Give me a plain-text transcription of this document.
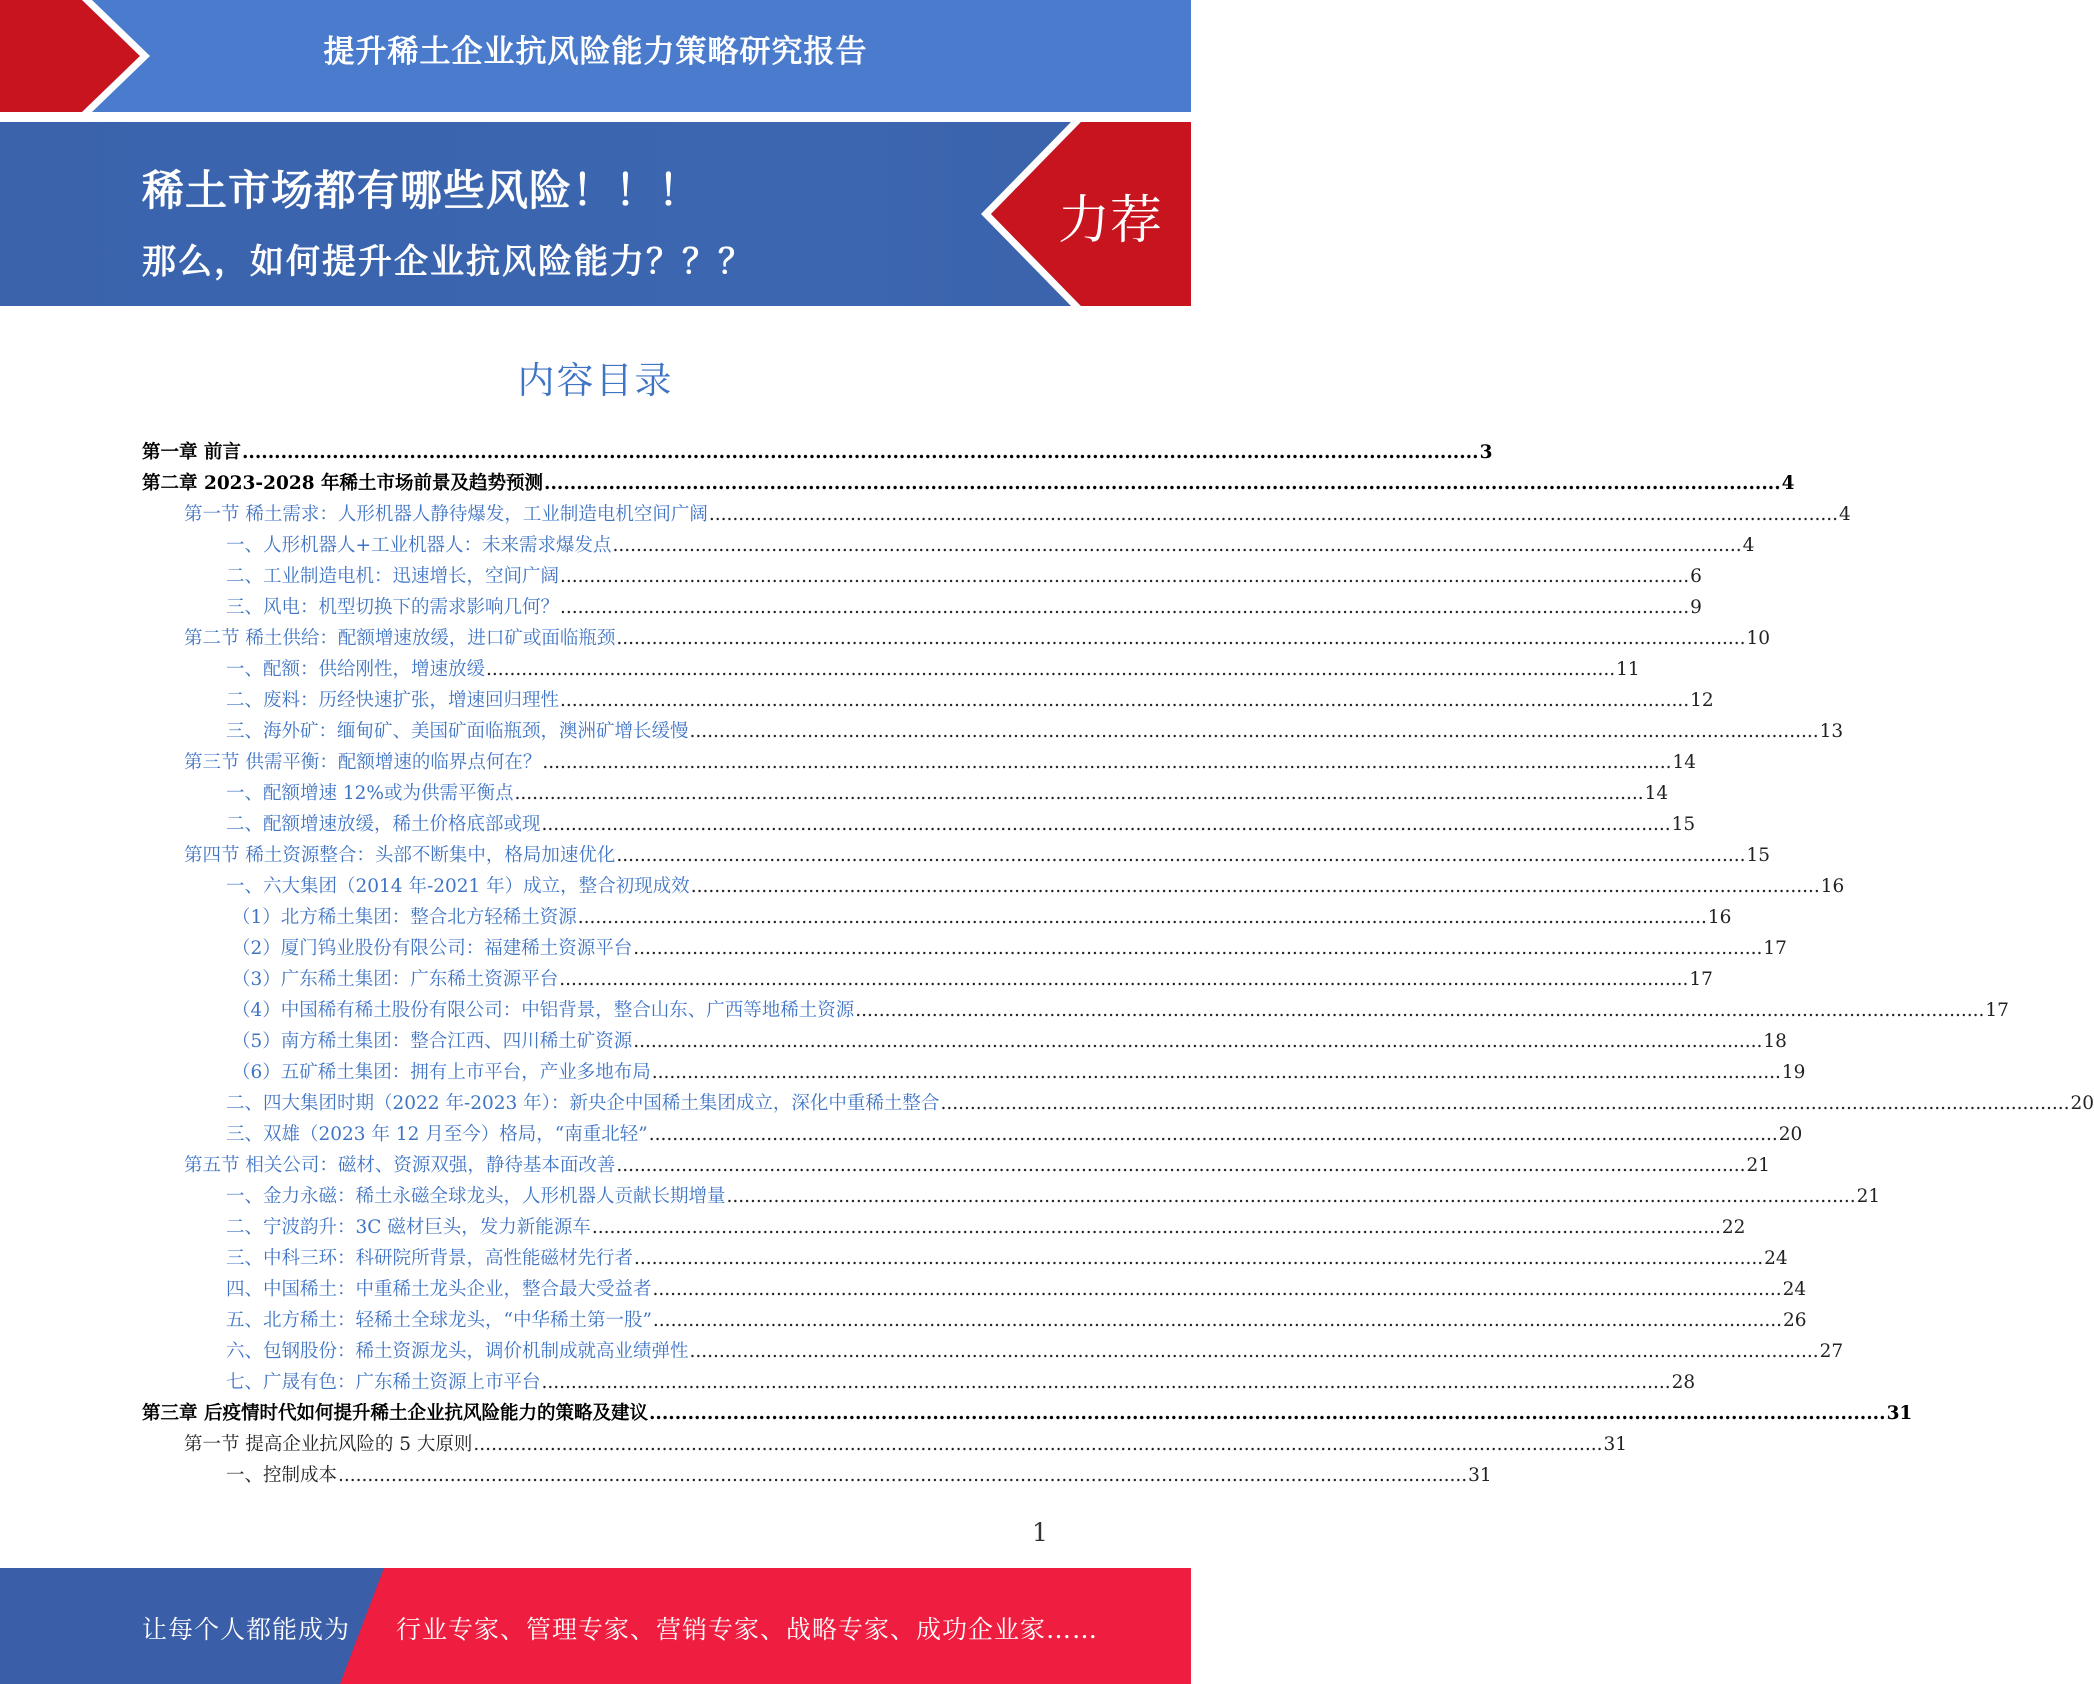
提升稀土企业抗风险能力策略研究报告
稀土市场都有哪些风险！！！
那么，如何提升企业抗风险能力？？？
力荐
内容目录
第一章 前言 ................................................................................................................................................................................................ 3
第二章 2023-2028 年稀土市场前景及趋势预测 ................................................................................................................................................................................................ 4
第一节 稀土需求：人形机器人静待爆发，工业制造电机空间广阔 ................................................................................................................................................................................................ 4
一、人形机器人+工业机器人：未来需求爆发点 ................................................................................................................................................................................................ 4
二、工业制造电机：迅速增长，空间广阔 ................................................................................................................................................................................................ 6
三、风电：机型切换下的需求影响几何？ ................................................................................................................................................................................................ 9
第二节 稀土供给：配额增速放缓，进口矿或面临瓶颈 ................................................................................................................................................................................................ 10
一、配额：供给刚性，增速放缓 ................................................................................................................................................................................................ 11
二、废料：历经快速扩张，增速回归理性 ................................................................................................................................................................................................ 12
三、海外矿：缅甸矿、美国矿面临瓶颈，澳洲矿增长缓慢 ................................................................................................................................................................................................ 13
第三节 供需平衡：配额增速的临界点何在？ ................................................................................................................................................................................................ 14
一、配额增速 12%或为供需平衡点 ................................................................................................................................................................................................ 14
二、配额增速放缓，稀土价格底部或现 ................................................................................................................................................................................................ 15
第四节 稀土资源整合：头部不断集中，格局加速优化 ................................................................................................................................................................................................ 15
一、六大集团（2014 年-2021 年）成立，整合初现成效 ................................................................................................................................................................................................ 16
（1）北方稀土集团：整合北方轻稀土资源 ................................................................................................................................................................................................ 16
（2）厦门钨业股份有限公司：福建稀土资源平台 ................................................................................................................................................................................................ 17
（3）广东稀土集团：广东稀土资源平台 ................................................................................................................................................................................................ 17
（4）中国稀有稀土股份有限公司：中铝背景，整合山东、广西等地稀土资源 ................................................................................................................................................................................................ 17
（5）南方稀土集团：整合江西、四川稀土矿资源 ................................................................................................................................................................................................ 18
（6）五矿稀土集团：拥有上市平台，产业多地布局 ................................................................................................................................................................................................ 19
二、四大集团时期（2022 年-2023 年）：新央企中国稀土集团成立，深化中重稀土整合 ................................................................................................................................................................................................ 20
三、双雄（2023 年 12 月至今）格局，“南重北轻” ................................................................................................................................................................................................ 20
第五节 相关公司：磁材、资源双强，静待基本面改善 ................................................................................................................................................................................................ 21
一、金力永磁：稀土永磁全球龙头，人形机器人贡献长期增量 ................................................................................................................................................................................................ 21
二、宁波韵升：3C 磁材巨头，发力新能源车 ................................................................................................................................................................................................ 22
三、中科三环：科研院所背景，高性能磁材先行者 ................................................................................................................................................................................................ 24
四、中国稀土：中重稀土龙头企业，整合最大受益者 ................................................................................................................................................................................................ 24
五、北方稀土：轻稀土全球龙头，“中华稀土第一股” ................................................................................................................................................................................................ 26
六、包钢股份：稀土资源龙头，调价机制成就高业绩弹性 ................................................................................................................................................................................................ 27
七、广晟有色：广东稀土资源上市平台 ................................................................................................................................................................................................ 28
第三章 后疫情时代如何提升稀土企业抗风险能力的策略及建议 ................................................................................................................................................................................................ 31
第一节 提高企业抗风险的 5 大原则 ................................................................................................................................................................................................ 31
一、控制成本 ................................................................................................................................................................................................ 31
1
让每个人都能成为 行业专家、管理专家、营销专家、战略专家、成功企业家……
